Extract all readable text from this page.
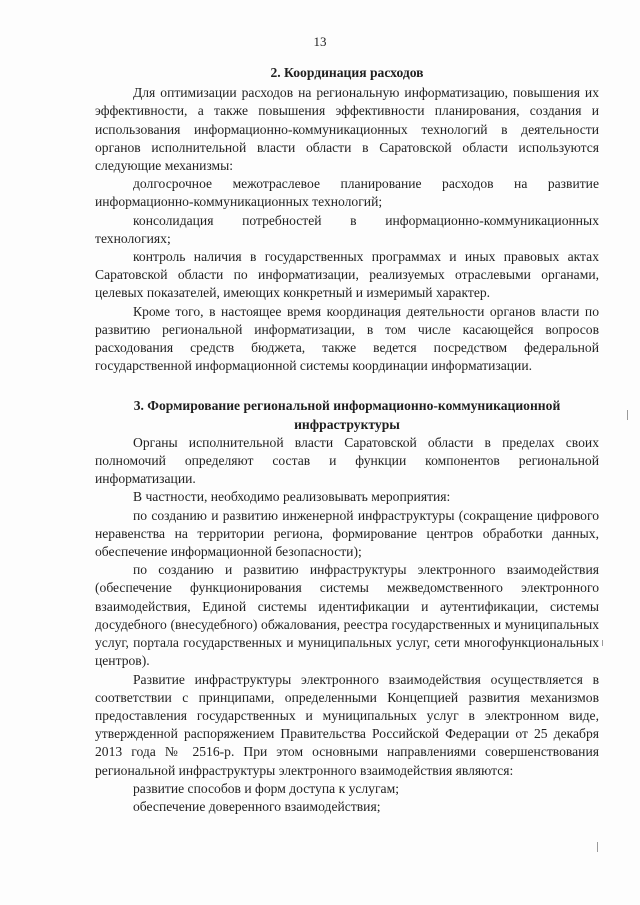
13

2. Координация расходов

Для оптимизации расходов на региональную информатизацию, повышения их эффективности, а также повышения эффективности планирования, создания и использования информационно-коммуникационных технологий в деятельности органов исполнительной власти области в Саратовской области используются следующие механизмы:

долгосрочное межотраслевое планирование расходов на развитие информационно-коммуникационных технологий;

консолидация потребностей в информационно-коммуникационных технологиях;

контроль наличия в государственных программах и иных правовых актах Саратовской области по информатизации, реализуемых отраслевыми органами, целевых показателей, имеющих конкретный и измеримый характер.

Кроме того, в настоящее время координация деятельности органов власти по развитию региональной информатизации, в том числе касающейся вопросов расходования средств бюджета, также ведется посредством федеральной государственной информационной системы координации информатизации.

3. Формирование региональной информационно-коммуникационной инфраструктуры

Органы исполнительной власти Саратовской области в пределах своих полномочий определяют состав и функции компонентов региональной информатизации.

В частности, необходимо реализовывать мероприятия:

по созданию и развитию инженерной инфраструктуры (сокращение цифрового неравенства на территории региона, формирование центров обработки данных, обеспечение информационной безопасности);

по созданию и развитию инфраструктуры электронного взаимодействия (обеспечение функционирования системы межведомственного электронного взаимодействия, Единой системы идентификации и аутентификации, системы досудебного (внесудебного) обжалования, реестра государственных и муниципальных услуг, портала государственных и муниципальных услуг, сети многофункциональных центров).

Развитие инфраструктуры электронного взаимодействия осуществляется в соответствии с принципами, определенными Концепцией развития механизмов предоставления государственных и муниципальных услуг в электронном виде, утвержденной распоряжением Правительства Российской Федерации от 25 декабря 2013 года № 2516-р. При этом основными направлениями совершенствования региональной инфраструктуры электронного взаимодействия являются:

развитие способов и форм доступа к услугам;

обеспечение доверенного взаимодействия;
